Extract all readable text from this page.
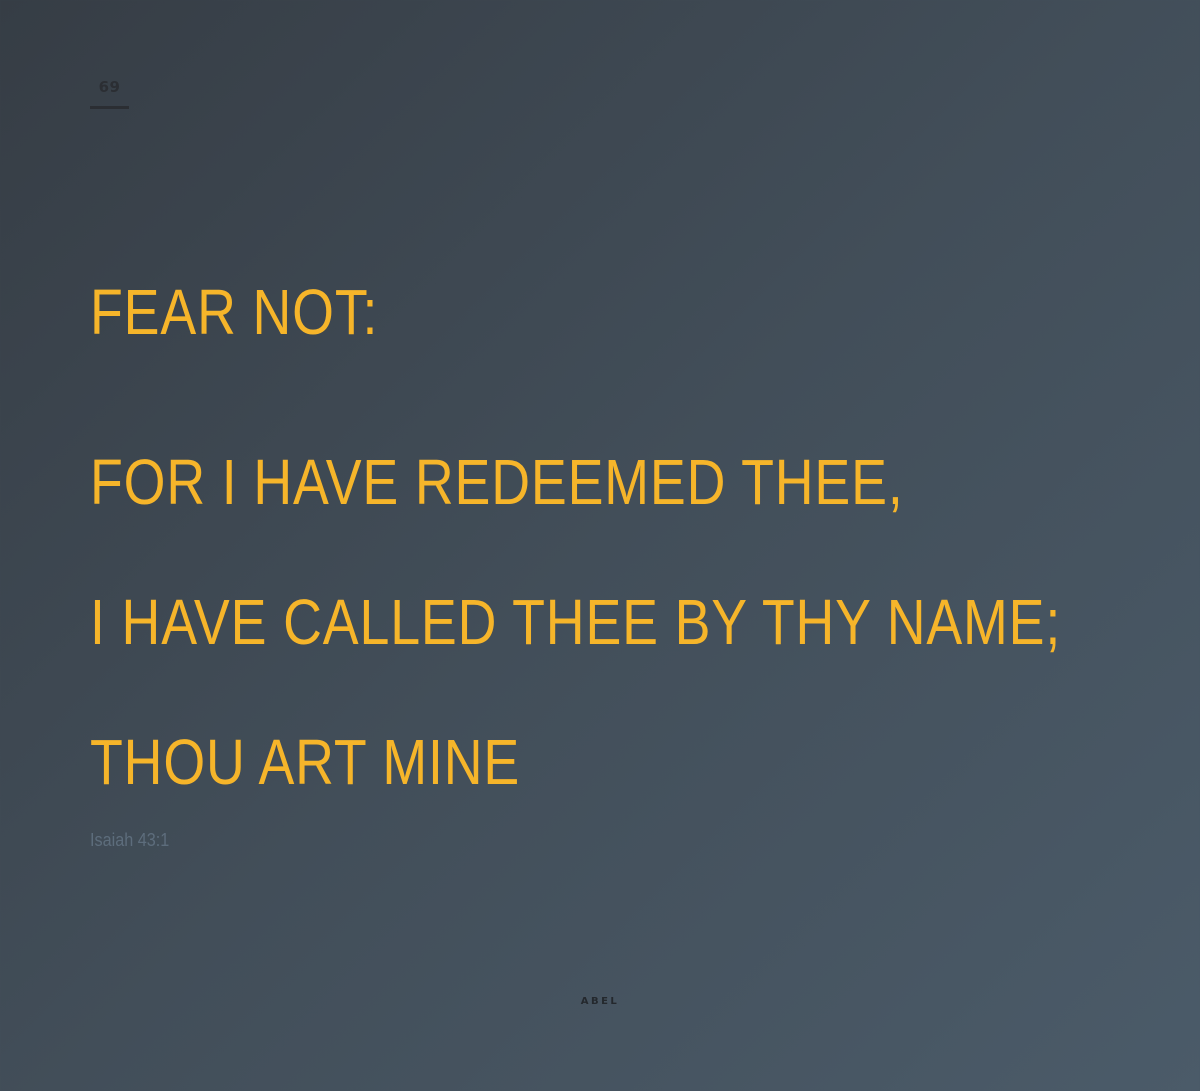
69
FEAR NOT:
FOR I HAVE REDEEMED THEE,
I HAVE CALLED THEE BY THY NAME;
THOU ART MINE
Isaiah 43:1
ABEL
